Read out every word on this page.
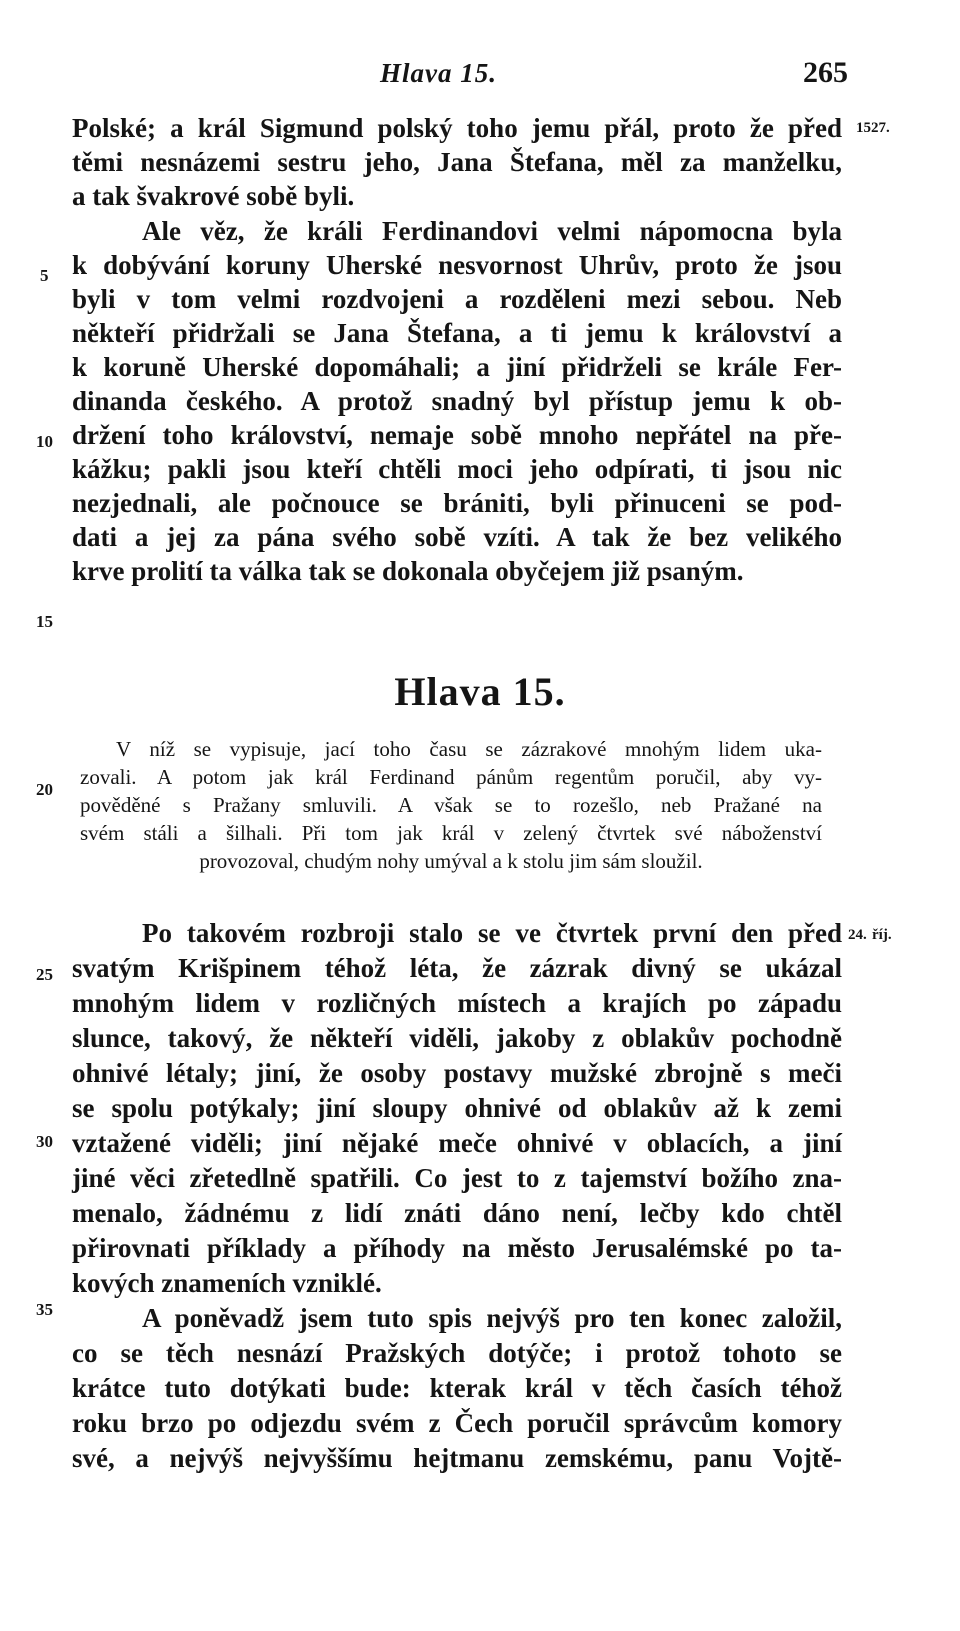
Hlava 15.	265
1527.
24. říj.
5
10
15
20
25
30
35
Polské; a král Sigmund polský toho jemu přál, proto že před
těmi nesnázemi sestru jeho, Jana Štefana, měl za manželku,
a tak švakrové sobě byli.
Ale věz, že králi Ferdinandovi velmi nápomocna byla
k dobývání koruny Uherské nesvornost Uhrův, proto že jsou
byli v tom velmi rozdvojeni a rozděleni mezi sebou. Neb
někteří přidržali se Jana Štefana, a ti jemu k království a
k koruně Uherské dopomáhali; a jiní přidrželi se krále Fer-
dinanda českého. A protož snadný byl přístup jemu k ob-
držení toho království, nemaje sobě mnoho nepřátel na pře-
kážku; pakli jsou kteří chtěli moci jeho odpírati, ti jsou nic
nezjednali, ale počnouce se brániti, byli přinuceni se pod-
dati a jej za pána svého sobě vzíti. A tak že bez velikého
krve prolití ta válka tak se dokonala obyčejem již psaným.
Hlava 15.
V níž se vypisuje, jací toho času se zázrakové mnohým lidem uka-
zovali. A potom jak král Ferdinand pánům regentům poručil, aby vy-
pověděné s Pražany smluvili. A však se to rozešlo, neb Pražané na
svém stáli a šilhali. Při tom jak král v zelený čtvrtek své náboženství
provozoval, chudým nohy umýval a k stolu jim sám sloužil.
Po takovém rozbroji stalo se ve čtvrtek první den před
svatým Krišpinem téhož léta, že zázrak divný se ukázal
mnohým lidem v rozličných místech a krajích po západu
slunce, takový, že někteří viděli, jakoby z oblakův pochodně
ohnivé létaly; jiní, že osoby postavy mužské zbrojně s meči
se spolu potýkaly; jiní sloupy ohnivé od oblakův až k zemi
vztažené viděli; jiní nějaké meče ohnivé v oblacích, a jiní
jiné věci zřetedlně spatřili. Co jest to z tajemství božího zna-
menalo, žádnému z lidí znáti dáno není, lečby kdo chtěl
přirovnati příklady a příhody na město Jerusalémské po ta-
kových znameních vzniklé.
A poněvadž jsem tuto spis nejvýš pro ten konec založil,
co se těch nesnází Pražských dotýče; i protož tohoto se
krátce tuto dotýkati bude: kterak král v těch časích téhož
roku brzo po odjezdu svém z Čech poručil správcům komory
své, a nejvýš nejvyššímu hejtmanu zemskému, panu Vojtě-
